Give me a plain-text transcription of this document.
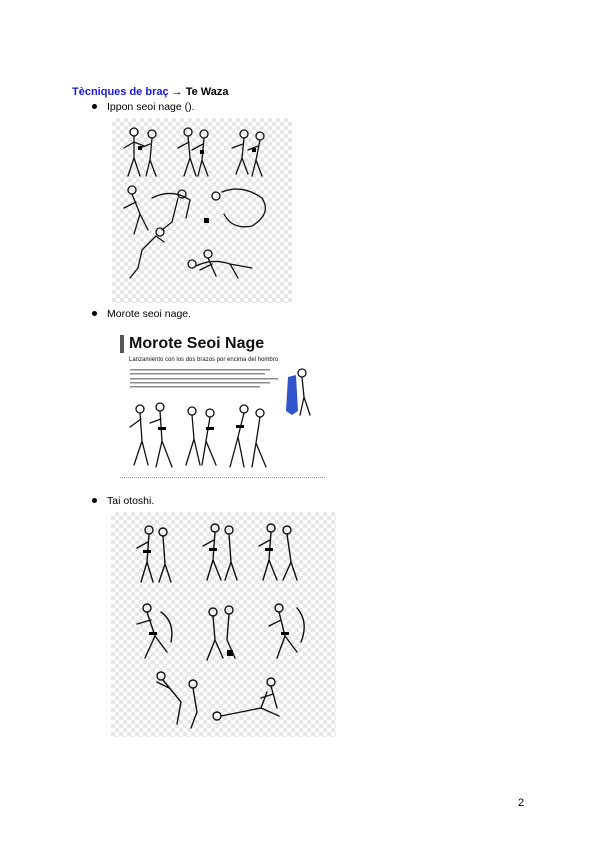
Tècniques de braç → Te Waza
Ippon seoi nage ().
Morote seoi nage.
Morote Seoi Nage
Lanzamiento con los dos brazos por encima del hombro
Tai otoshi.
2
